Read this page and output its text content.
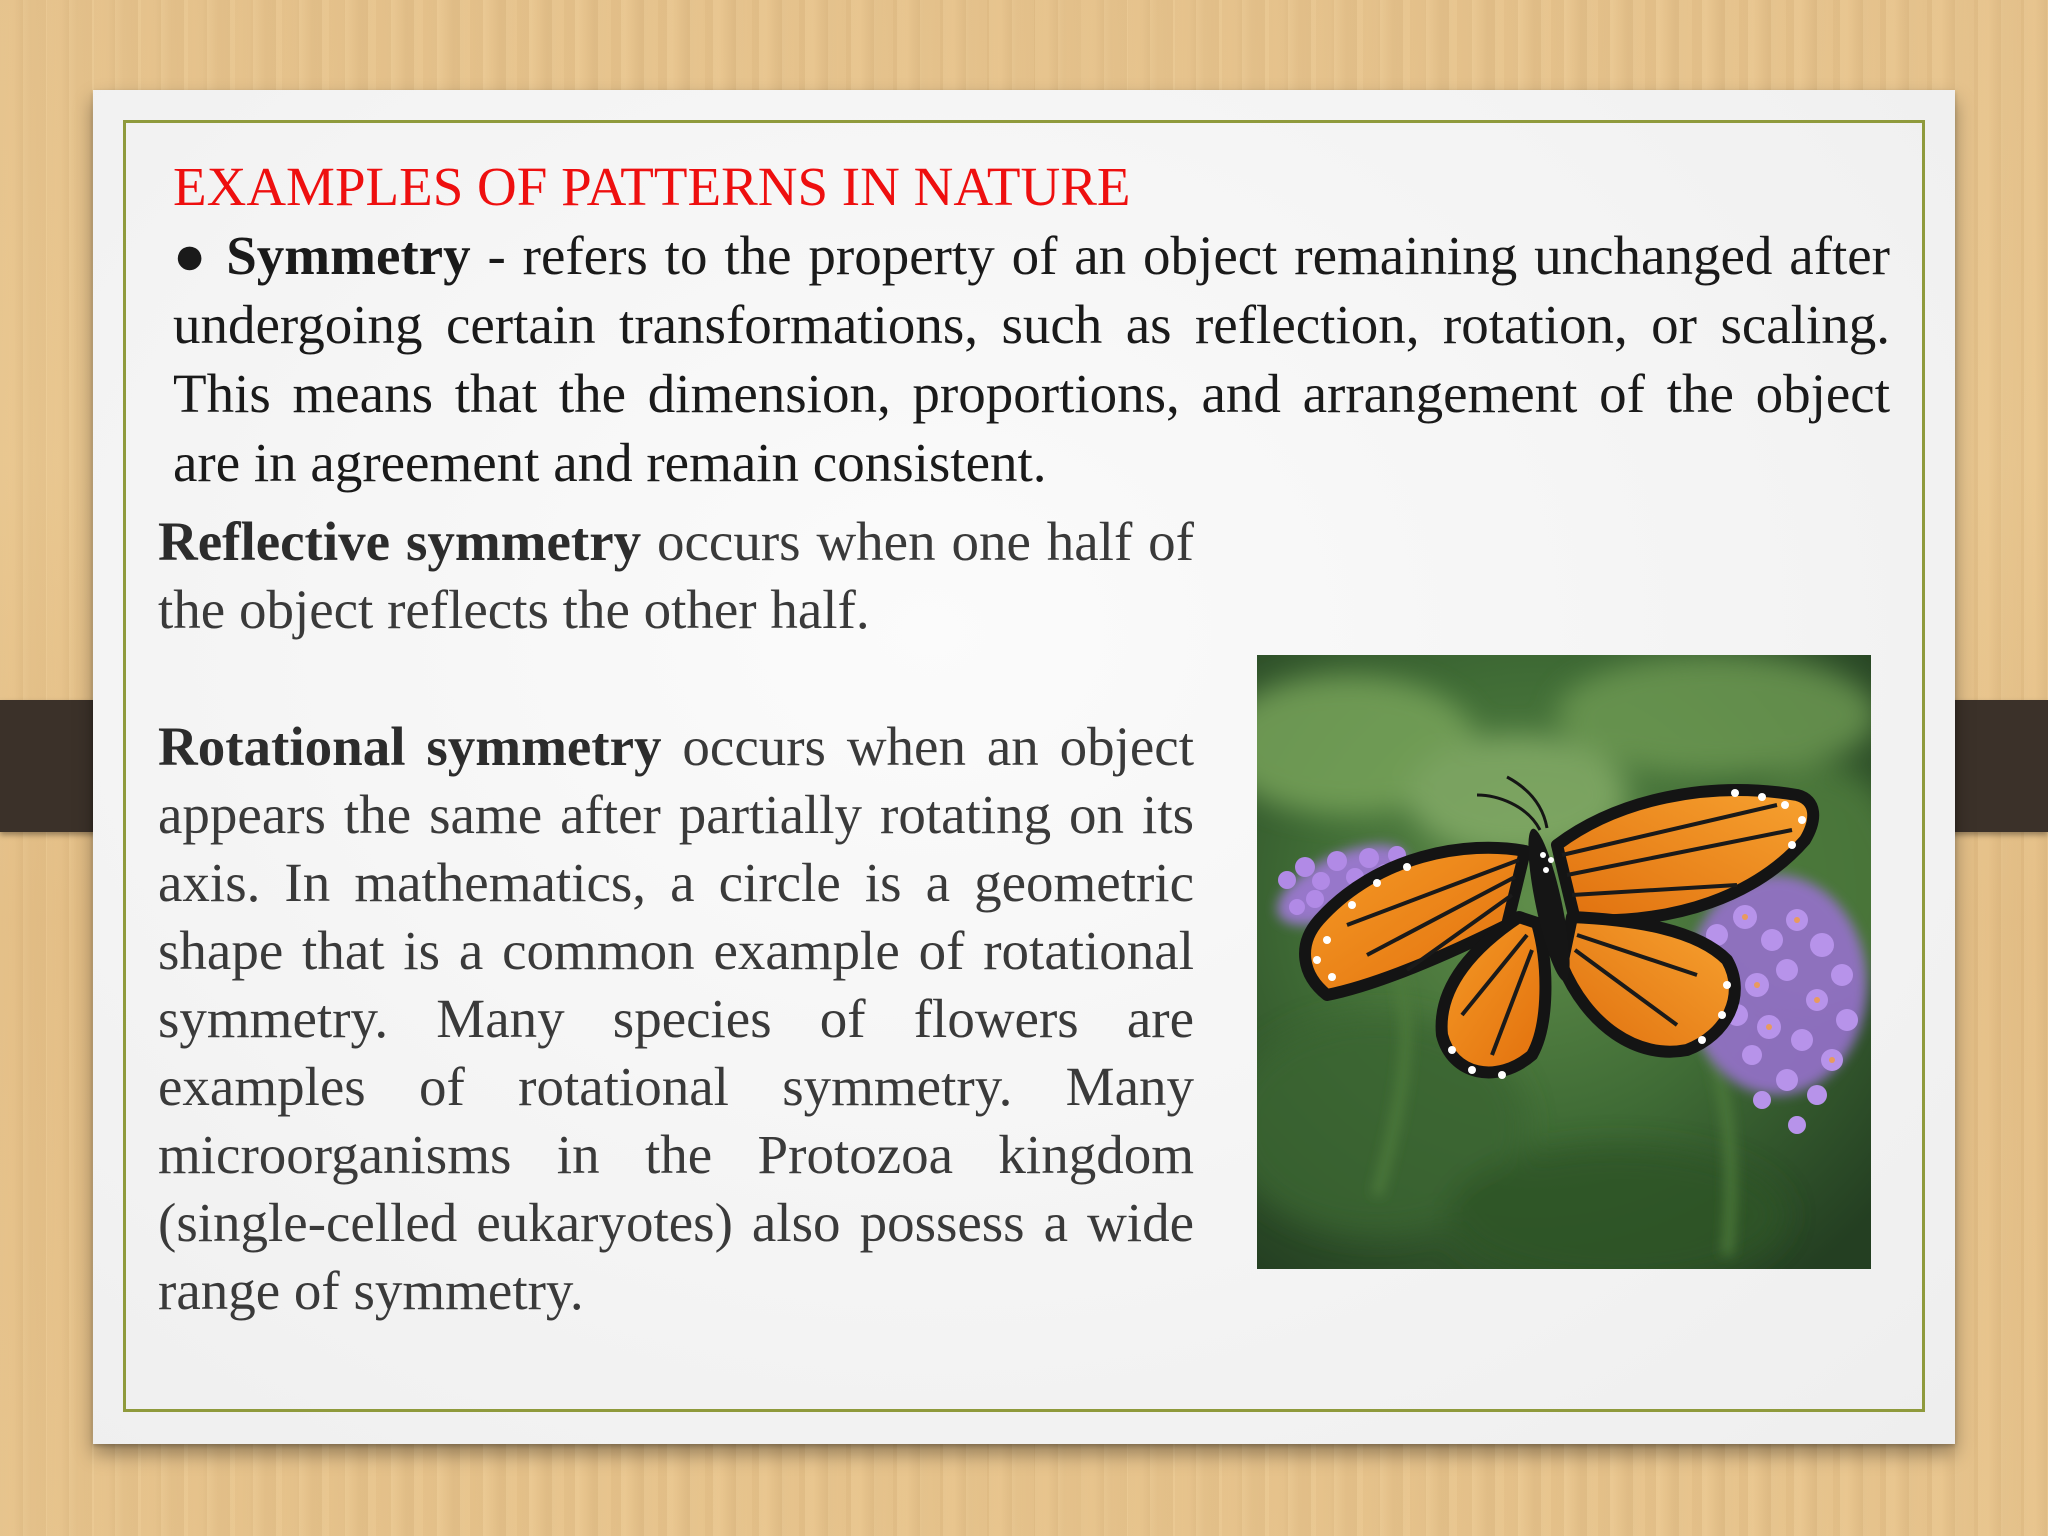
EXAMPLES OF PATTERNS IN NATURE

● Symmetry - refers to the property of an object remaining unchanged after undergoing certain transformations, such as reflection, rotation, or scaling. This means that the dimension, proportions, and arrangement of the object are in agreement and remain consistent.

Reflective symmetry occurs when one half of the object reflects the other half.

Rotational symmetry occurs when an object appears the same after partially rotating on its axis. In mathematics, a circle is a geometric shape that is a common example of rotational symmetry. Many species of flowers are examples of rotational symmetry. Many microorganisms in the Protozoa kingdom (single-celled eukaryotes) also possess a wide range of symmetry.
